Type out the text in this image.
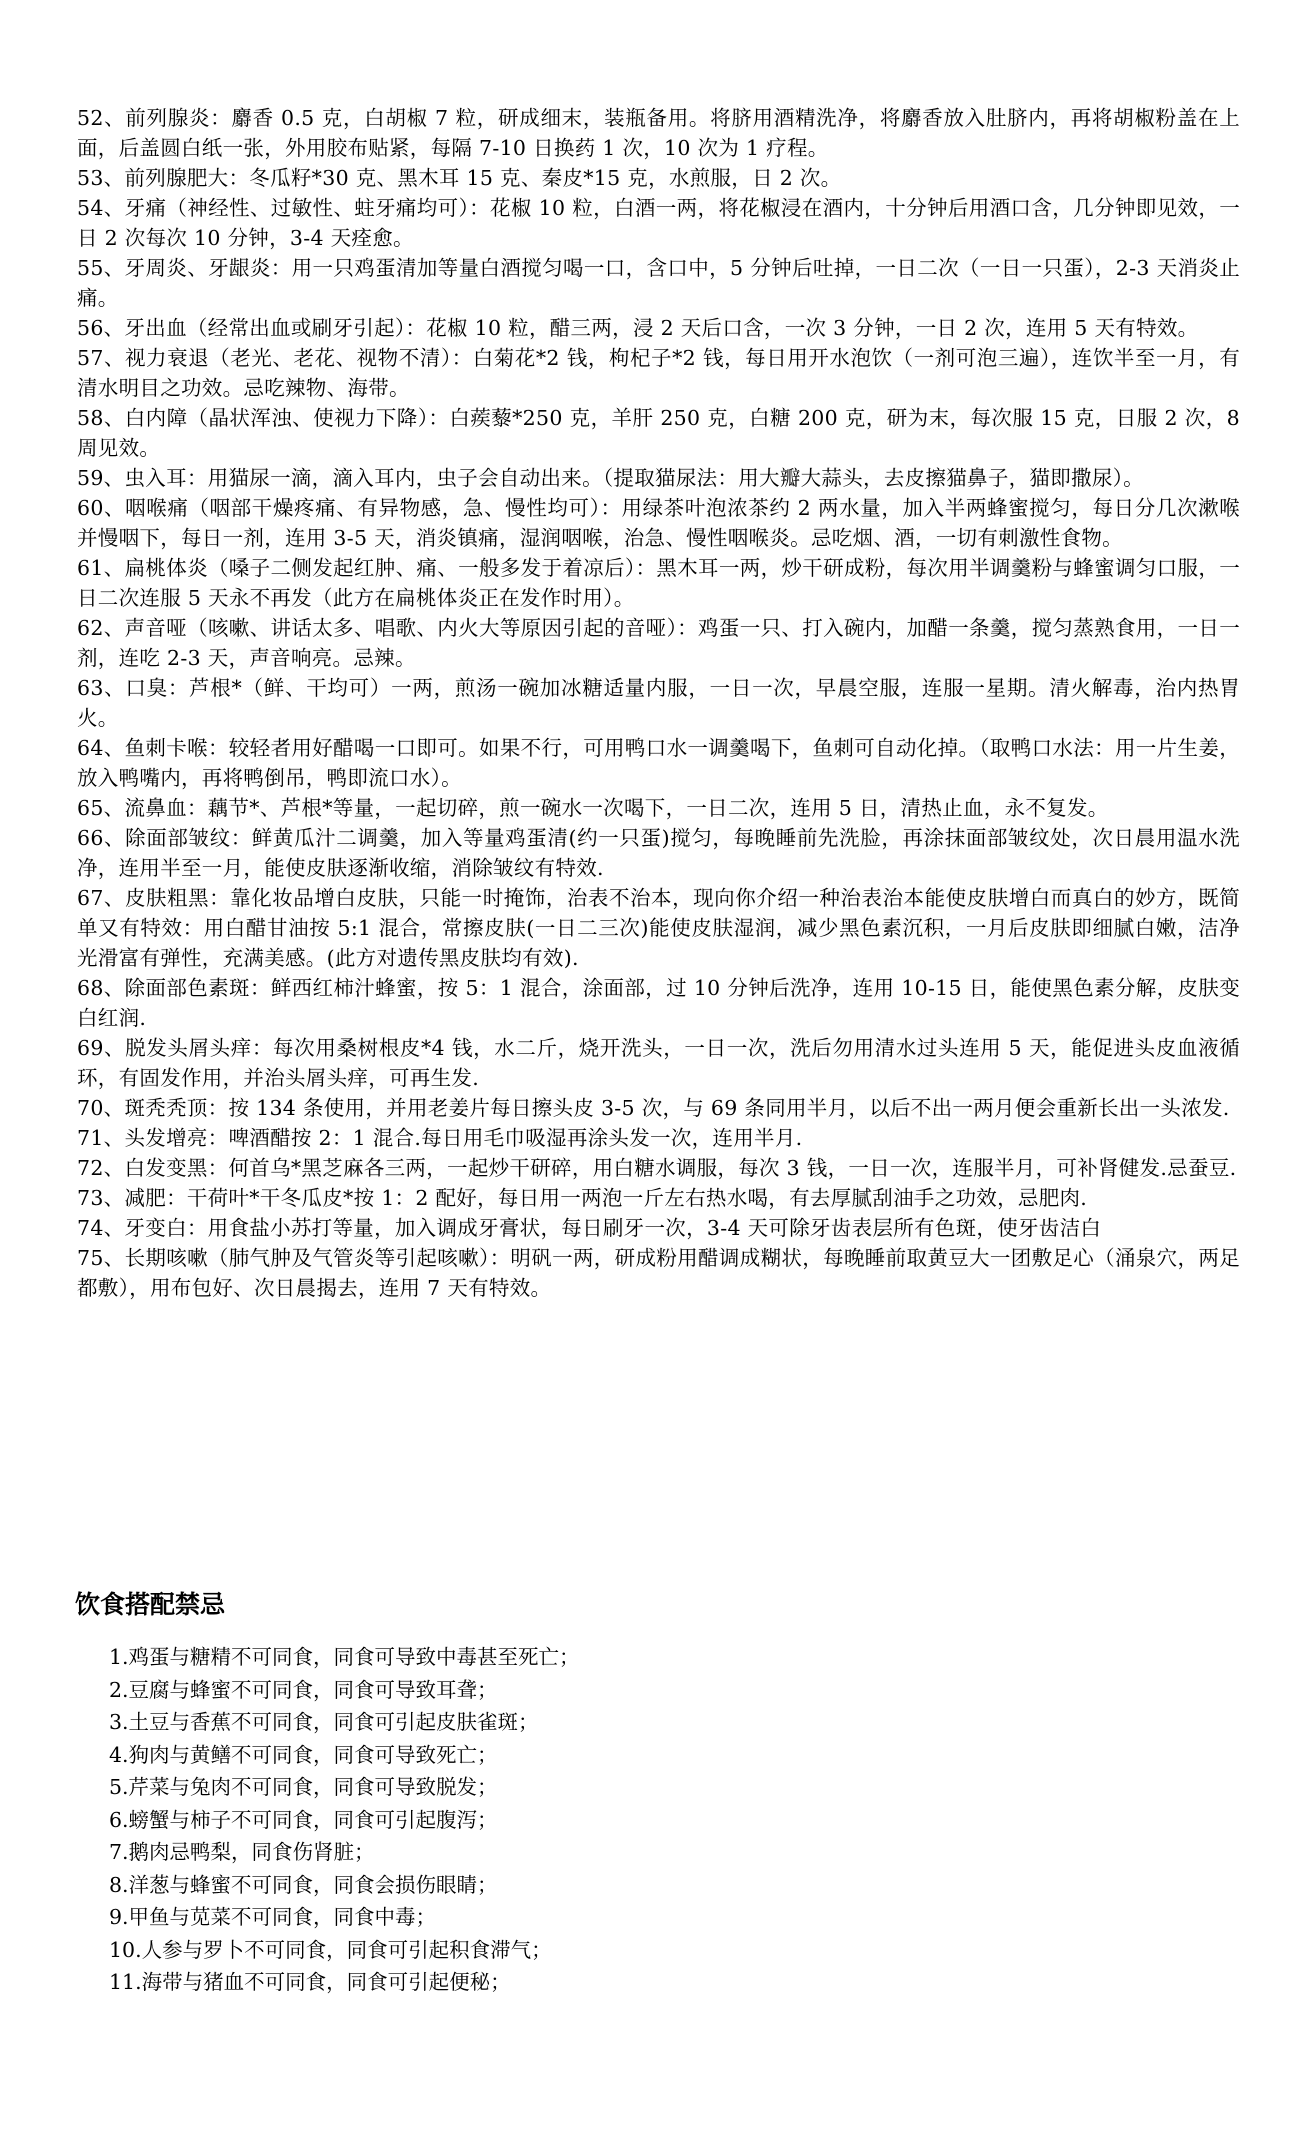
52、前列腺炎：麝香 0.5 克，白胡椒 7 粒，研成细末，装瓶备用。将脐用酒精洗净，将麝香放入肚脐内，再将胡椒粉盖在上面，后盖圆白纸一张，外用胶布贴紧，每隔 7-10 日换药 1 次，10 次为 1 疗程。

53、前列腺肥大：冬瓜籽*30 克、黑木耳 15 克、秦皮*15 克，水煎服，日 2 次。

54、牙痛（神经性、过敏性、蛀牙痛均可）：花椒 10 粒，白酒一两，将花椒浸在酒内，十分钟后用酒口含，几分钟即见效，一日 2 次每次 10 分钟，3-4 天痊愈。

55、牙周炎、牙龈炎：用一只鸡蛋清加等量白酒搅匀喝一口，含口中，5 分钟后吐掉，一日二次（一日一只蛋），2-3 天消炎止痛。

56、牙出血（经常出血或刷牙引起）：花椒 10 粒，醋三两，浸 2 天后口含，一次 3 分钟，一日 2 次，连用 5 天有特效。

57、视力衰退（老光、老花、视物不清）：白菊花*2 钱，枸杞子*2 钱，每日用开水泡饮（一剂可泡三遍），连饮半至一月，有清水明目之功效。忌吃辣物、海带。

58、白内障（晶状浑浊、使视力下降）：白蒺藜*250 克，羊肝 250 克，白糖 200 克，研为末，每次服 15 克，日服 2 次，8 周见效。

59、虫入耳：用猫尿一滴，滴入耳内，虫子会自动出来。（提取猫尿法：用大瓣大蒜头，去皮擦猫鼻子，猫即撒尿）。

60、咽喉痛（咽部干燥疼痛、有异物感，急、慢性均可）：用绿茶叶泡浓茶约 2 两水量，加入半两蜂蜜搅匀，每日分几次漱喉并慢咽下，每日一剂，连用 3-5 天，消炎镇痛，湿润咽喉，治急、慢性咽喉炎。忌吃烟、酒，一切有刺激性食物。

61、扁桃体炎（嗓子二侧发起红肿、痛、一般多发于着凉后）：黑木耳一两，炒干研成粉，每次用半调羹粉与蜂蜜调匀口服，一日二次连服 5 天永不再发（此方在扁桃体炎正在发作时用）。

62、声音哑（咳嗽、讲话太多、唱歌、内火大等原因引起的音哑）：鸡蛋一只、打入碗内，加醋一条羹，搅匀蒸熟食用，一日一剂，连吃 2-3 天，声音响亮。忌辣。

63、口臭：芦根*（鲜、干均可）一两，煎汤一碗加冰糖适量内服，一日一次，早晨空服，连服一星期。清火解毒，治内热胃火。

64、鱼刺卡喉：较轻者用好醋喝一口即可。如果不行，可用鸭口水一调羹喝下，鱼刺可自动化掉。（取鸭口水法：用一片生姜，放入鸭嘴内，再将鸭倒吊，鸭即流口水）。

65、流鼻血：藕节*、芦根*等量，一起切碎，煎一碗水一次喝下，一日二次，连用 5 日，清热止血，永不复发。

66、除面部皱纹：鲜黄瓜汁二调羹，加入等量鸡蛋清(约一只蛋)搅匀，每晚睡前先洗脸，再涂抹面部皱纹处，次日晨用温水洗净，连用半至一月，能使皮肤逐渐收缩，消除皱纹有特效.

67、皮肤粗黑：靠化妆品增白皮肤，只能一时掩饰，治表不治本，现向你介绍一种治表治本能使皮肤增白而真白的妙方，既简单又有特效：用白醋甘油按 5:1 混合，常擦皮肤(一日二三次)能使皮肤湿润，减少黑色素沉积，一月后皮肤即细腻白嫩，洁净光滑富有弹性，充满美感。(此方对遗传黑皮肤均有效).

68、除面部色素斑：鲜西红柿汁蜂蜜，按 5：1 混合，涂面部，过 10 分钟后洗净，连用 10-15 日，能使黑色素分解，皮肤变白红润.

69、脱发头屑头痒：每次用桑树根皮*4 钱，水二斤，烧开洗头，一日一次，洗后勿用清水过头连用 5 天，能促进头皮血液循环，有固发作用，并治头屑头痒，可再生发.

70、斑秃秃顶：按 134 条使用，并用老姜片每日擦头皮 3-5 次，与 69 条同用半月，以后不出一两月便会重新长出一头浓发.

71、头发增亮：啤酒醋按 2：1 混合.每日用毛巾吸湿再涂头发一次，连用半月.

72、白发变黑：何首乌*黑芝麻各三两，一起炒干研碎，用白糖水调服，每次 3 钱，一日一次，连服半月，可补肾健发.忌蚕豆.

73、减肥：干荷叶*干冬瓜皮*按 1：2 配好，每日用一两泡一斤左右热水喝，有去厚腻刮油手之功效，忌肥肉.

74、牙变白：用食盐小苏打等量，加入调成牙膏状，每日刷牙一次，3-4 天可除牙齿表层所有色斑，使牙齿洁白

75、长期咳嗽（肺气肿及气管炎等引起咳嗽）：明矾一两，研成粉用醋调成糊状，每晚睡前取黄豆大一团敷足心（涌泉穴，两足都敷），用布包好、次日晨揭去，连用 7 天有特效。

饮食搭配禁忌
1.鸡蛋与糖精不可同食，同食可导致中毒甚至死亡；
2.豆腐与蜂蜜不可同食，同食可导致耳聋；
3.土豆与香蕉不可同食，同食可引起皮肤雀斑；
4.狗肉与黄鳝不可同食，同食可导致死亡；
5.芹菜与兔肉不可同食，同食可导致脱发；
6.螃蟹与柿子不可同食，同食可引起腹泻；
7.鹅肉忌鸭梨，同食伤肾脏；
8.洋葱与蜂蜜不可同食，同食会损伤眼睛；
9.甲鱼与苋菜不可同食，同食中毒；
10.人参与罗卜不可同食，同食可引起积食滞气；
11.海带与猪血不可同食，同食可引起便秘；
